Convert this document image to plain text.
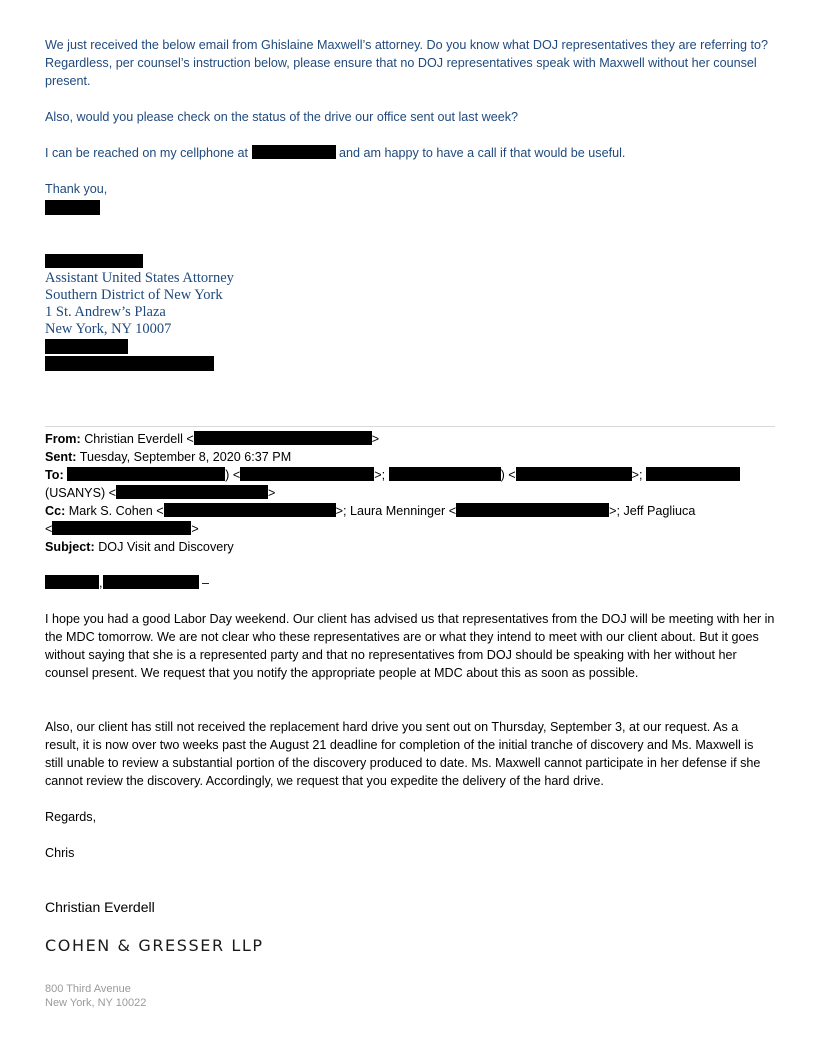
We just received the below email from Ghislaine Maxwell’s attorney. Do you know what DOJ representatives they are referring to? Regardless, per counsel’s instruction below, please ensure that no DOJ representatives speak with Maxwell without her counsel present.

Also, would you please check on the status of the drive our office sent out last week?

I can be reached on my cellphone at	and am happy to have a call if that would be useful.

Thank you,

Assistant United States Attorney
Southern District of New York
1 St. Andrew’s Plaza
New York, NY 10007
From: Christian Everdell <	>
Sent: Tuesday, September 8, 2020 6:37 PM
To:	) <	>;	) <	>;
(USANYS) <	>
Cc: Mark S. Cohen <	>; Laura Menninger <	>; Jeff Pagliuca
<	>
Subject: DOJ Visit and Discovery
,	–

I hope you had a good Labor Day weekend. Our client has advised us that representatives from the DOJ will be meeting with her in the MDC tomorrow. We are not clear who these representatives are or what they intend to meet with our client about. But it goes without saying that she is a represented party and that no representatives from DOJ should be speaking with her without her counsel present. We request that you notify the appropriate people at MDC about this as soon as possible.

Also, our client has still not received the replacement hard drive you sent out on Thursday, September 3, at our request. As a result, it is now over two weeks past the August 21 deadline for completion of the initial tranche of discovery and Ms. Maxwell is still unable to review a substantial portion of the discovery produced to date. Ms. Maxwell cannot participate in her defense if she cannot review the discovery. Accordingly, we request that you expedite the delivery of the hard drive.

Regards,

Chris

Christian Everdell
COHEN & GRESSER LLP
800 Third Avenue
New York, NY 10022
